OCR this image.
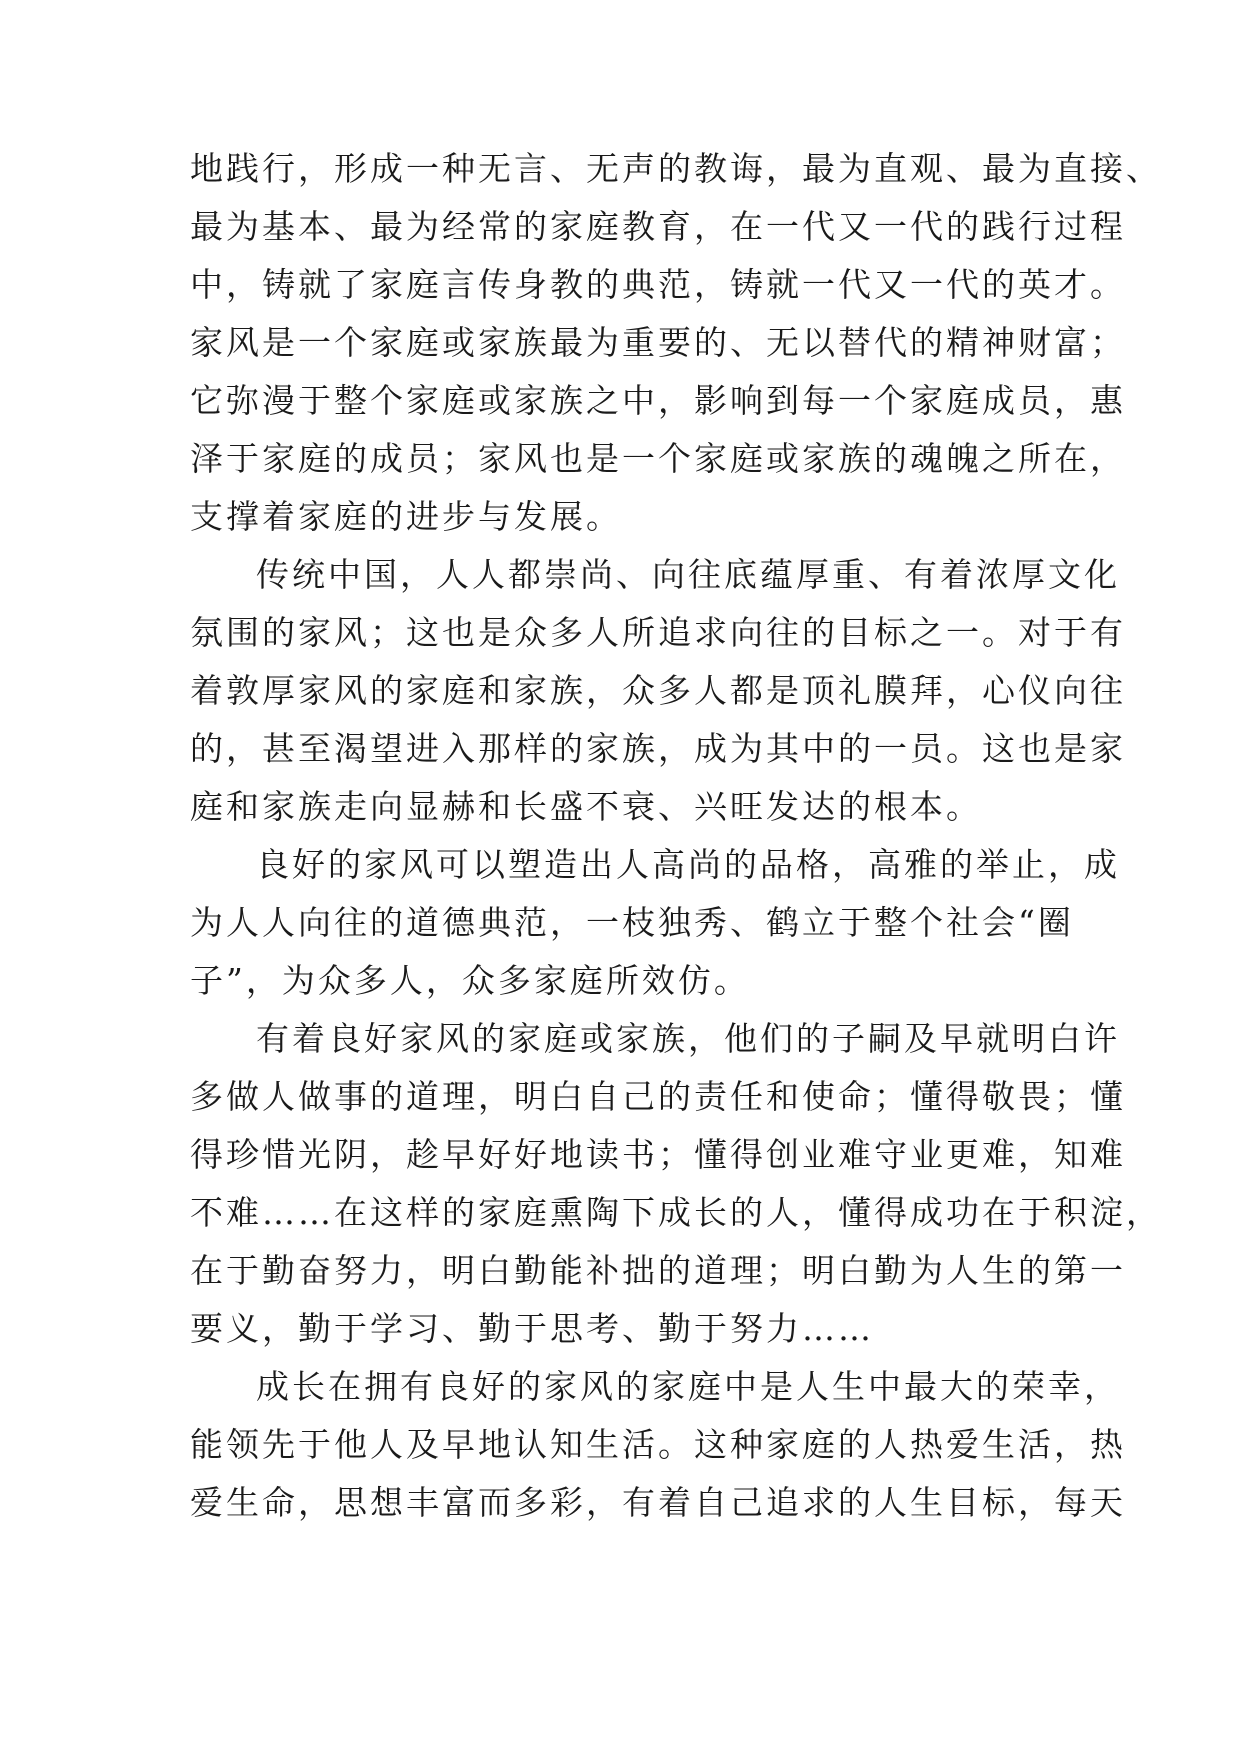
地践行，形成一种无言、无声的教诲，最为直观、最为直接、
最为基本、最为经常的家庭教育，在一代又一代的践行过程
中，铸就了家庭言传身教的典范，铸就一代又一代的英才。
家风是一个家庭或家族最为重要的、无以替代的精神财富；
它弥漫于整个家庭或家族之中，影响到每一个家庭成员，惠
泽于家庭的成员；家风也是一个家庭或家族的魂魄之所在，
支撑着家庭的进步与发展。
传统中国，人人都崇尚、向往底蕴厚重、有着浓厚文化
氛围的家风；这也是众多人所追求向往的目标之一。对于有
着敦厚家风的家庭和家族，众多人都是顶礼膜拜，心仪向往
的，甚至渴望进入那样的家族，成为其中的一员。这也是家
庭和家族走向显赫和长盛不衰、兴旺发达的根本。
良好的家风可以塑造出人高尚的品格，高雅的举止，成
为人人向往的道德典范，一枝独秀、鹤立于整个社会“圈
子”，为众多人，众多家庭所效仿。
有着良好家风的家庭或家族，他们的子嗣及早就明白许
多做人做事的道理，明白自己的责任和使命；懂得敬畏；懂
得珍惜光阴，趁早好好地读书；懂得创业难守业更难，知难
不难……在这样的家庭熏陶下成长的人，懂得成功在于积淀，
在于勤奋努力，明白勤能补拙的道理；明白勤为人生的第一
要义，勤于学习、勤于思考、勤于努力……
成长在拥有良好的家风的家庭中是人生中最大的荣幸，
能领先于他人及早地认知生活。这种家庭的人热爱生活，热
爱生命，思想丰富而多彩，有着自己追求的人生目标，每天
